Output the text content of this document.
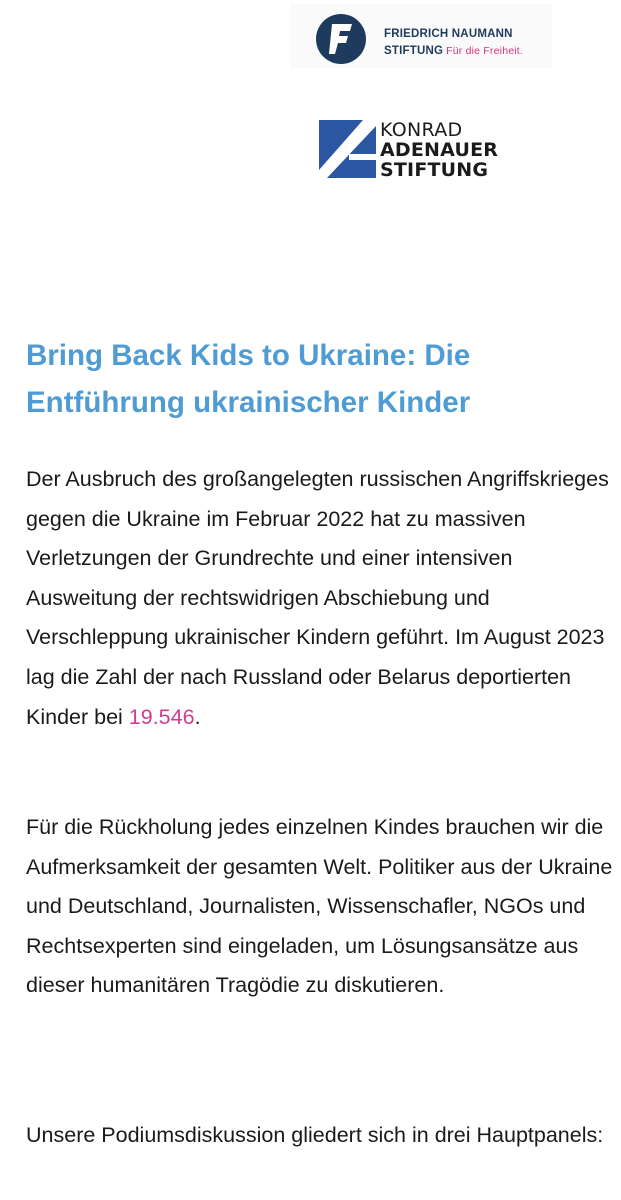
FRIEDRICH NAUMANN
STIFTUNG Für die Freiheit.
KONRAD
ADENAUER
STIFTUNG
Bring Back Kids to Ukraine: Die Entführung ukrainischer Kinder

Der Ausbruch des großangelegten russischen Angriffskrieges gegen die Ukraine im Februar 2022 hat zu massiven Verletzungen der Grundrechte und einer intensiven Ausweitung der rechtswidrigen Abschiebung und Verschleppung ukrainischer Kindern geführt. Im August 2023 lag die Zahl der nach Russland oder Belarus deportierten Kinder bei 19.546.

Für die Rückholung jedes einzelnen Kindes brauchen wir die Aufmerksamkeit der gesamten Welt. Politiker aus der Ukraine und Deutschland, Journalisten, Wissenschafler, NGOs und Rechtsexperten sind eingeladen, um Lösungsansätze aus dieser humanitären Tragödie zu diskutieren.

Unsere Podiumsdiskussion gliedert sich in drei Hauptpanels:
